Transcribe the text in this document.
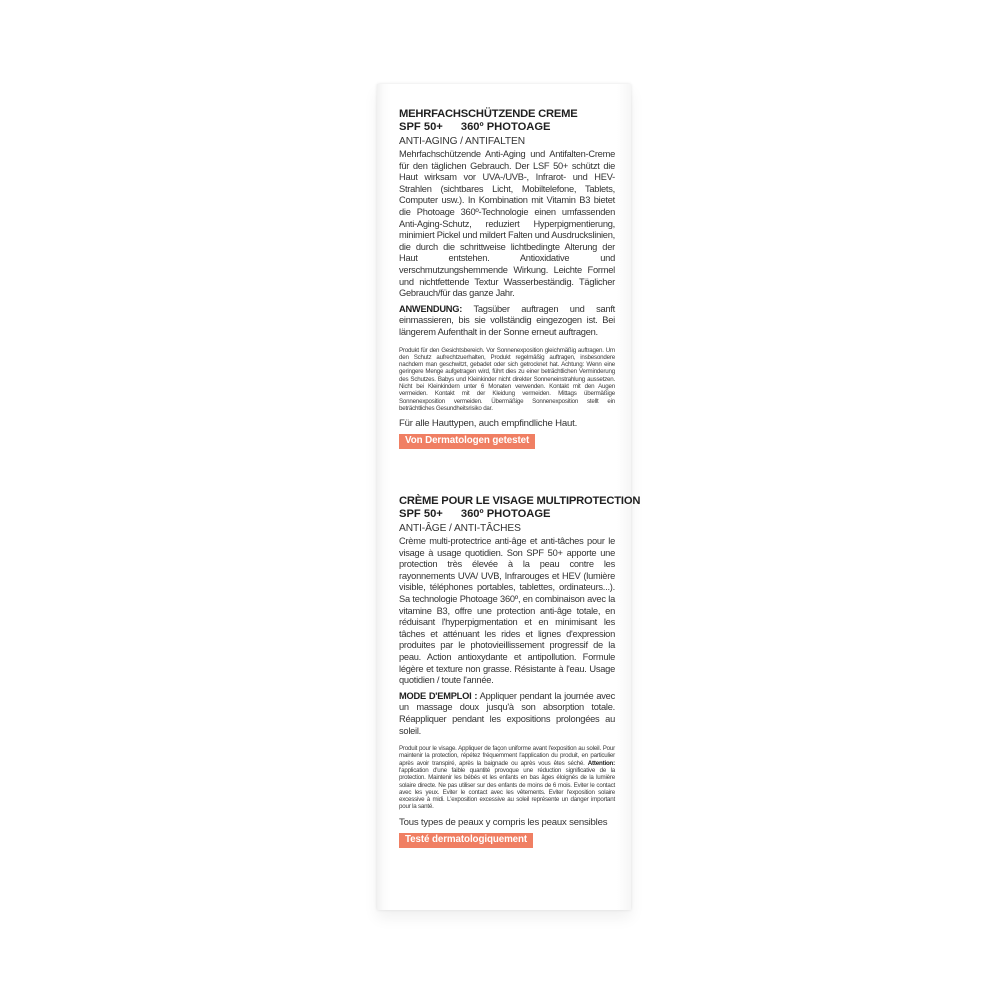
MEHRFACHSCHÜTZENDE CREME
SPF 50+ 360º PHOTOAGE
ANTI-AGING / ANTIFALTEN
Mehrfachschützende Anti-Aging und Antifalten-Creme für den täglichen Gebrauch. Der LSF 50+ schützt die Haut wirksam vor UVA-/UVB-, Infrarot- und HEV-Strahlen (sichtbares Licht, Mobiltelefone, Tablets, Computer usw.). In Kombination mit Vitamin B3 bietet die Photoage 360º-Technologie einen umfassenden Anti-Aging-Schutz, reduziert Hyperpigmentierung, minimiert Pickel und mildert Falten und Ausdruckslinien, die durch die schrittweise lichtbedingte Alterung der Haut entstehen. Antioxidative und verschmutzungshemmende Wirkung. Leichte Formel und nichtfettende Textur Wasserbeständig. Täglicher Gebrauch/für das ganze Jahr.
ANWENDUNG: Tagsüber auftragen und sanft einmassieren, bis sie vollständig eingezogen ist. Bei längerem Aufenthalt in der Sonne erneut auftragen.
Produkt für den Gesichtsbereich. Vor Sonnenexposition gleichmäßig auftragen. Um den Schutz aufrechtzuerhalten, Produkt regelmäßig auftragen, insbesondere nachdem man geschwitzt, gebadet oder sich getrocknet hat. Achtung: Wenn eine geringere Menge aufgetragen wird, führt dies zu einer beträchtlichen Verminderung des Schutzes. Babys und Kleinkinder nicht direkter Sonneneinstrahlung aussetzen. Nicht bei Kleinkindern unter 6 Monaten verwenden. Kontakt mit den Augen vermeiden. Kontakt mit der Kleidung vermeiden. Mittags übermäßige Sonnenexposition vermeiden. Übermäßige Sonnenexposition stellt ein beträchtliches Gesundheitsrisiko dar.
Für alle Hauttypen, auch empfindliche Haut.
Von Dermatologen getestet
CRÈME POUR LE VISAGE MULTIPROTECTION
SPF 50+ 360º PHOTOAGE
ANTI-ÂGE / ANTI-TÂCHES
Crème multi-protectrice anti-âge et anti-tâches pour le visage à usage quotidien. Son SPF 50+ apporte une protection très élevée à la peau contre les rayonnements UVA/ UVB, Infrarouges et HEV (lumière visible, téléphones portables, tablettes, ordinateurs...). Sa technologie Photoage 360º, en combinaison avec la vitamine B3, offre une protection anti-âge totale, en réduisant l'hyperpigmentation et en minimisant les tâches et atténuant les rides et lignes d'expression produites par le photovieillissement progressif de la peau. Action antioxydante et antipollution. Formule légère et texture non grasse. Résistante à l'eau. Usage quotidien / toute l'année.
MODE D'EMPLOI : Appliquer pendant la journée avec un massage doux jusqu'à son absorption totale. Réappliquer pendant les expositions prolongées au soleil.
Produit pour le visage. Appliquer de façon uniforme avant l'exposition au soleil. Pour maintenir la protection, répétez fréquemment l'application du produit, en particulier après avoir transpiré, après la baignade ou après vous êtes séché. Attention: l'application d'une faible quantité provoque une réduction significative de la protection. Maintenir les bébés et les enfants en bas âges éloignés de la lumière solaire directe. Ne pas utiliser sur des enfants de moins de 6 mois. Eviter le contact avec les yeux. Eviter le contact avec les vêtements. Eviter l'exposition solaire excessive à midi. L'exposition excessive au soleil représente un danger important pour la santé.
Tous types de peaux y compris les peaux sensibles
Testé dermatologiquement
